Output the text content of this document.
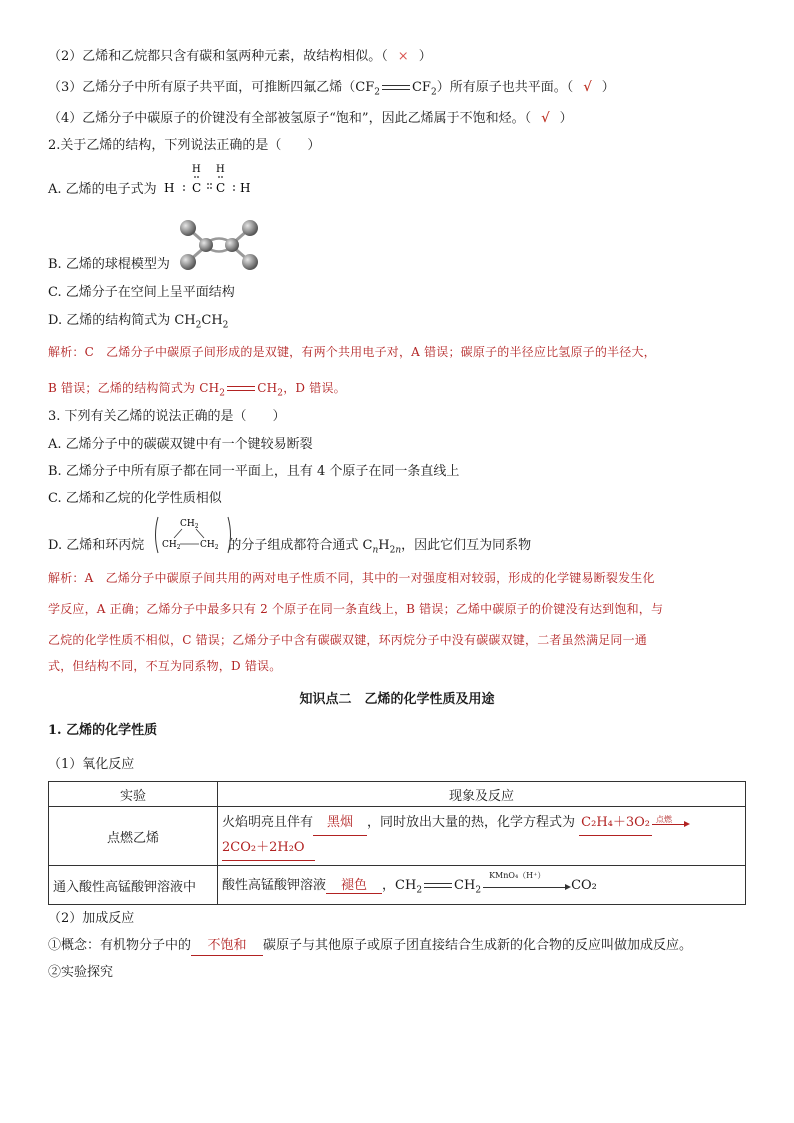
（2）乙烯和乙烷都只含有碳和氢两种元素，故结构相似。（ × ）
（3）乙烯分子中所有原子共平面，可推断四氟乙烯（$CF_2$ $CF_2$）所有原子也共平面。（ √ ）
（4）乙烯分子中碳原子的价键没有全部被氢原子“饱和”，因此乙烯属于不饱和烃。（ √ ）
2.关于乙烯的结构，下列说法正确的是（　　）
A. 乙烯的电子式为
H H
H C C H
B. 乙烯的球棍模型为
C. 乙烯分子在空间上呈平面结构
D. 乙烯的结构简式为 $CH_2CH_2$
解析：C　乙烯分子中碳原子间形成的是双键，有两个共用电子对，A 错误；碳原子的半径应比氢原子的半径大，
B 错误；乙烯的结构简式为 $CH_2$	$CH_2$，D 错误。
3. 下列有关乙烯的说法正确的是（　　）
A. 乙烯分子中的碳碳双键中有一个键较易断裂
B. 乙烯分子中所有原子都在同一平面上，且有 4 个原子在同一条直线上
C. 乙烯和乙烷的化学性质相似
D. 乙烯和环丙烷	的分子组成都符合通式 $C_nH_{2n}$，因此它们互为同系物
$CH_2$
$CH_2$ $CH_2$
解析：A　乙烯分子中碳原子间共用的两对电子性质不同，其中的一对强度相对较弱，形成的化学键易断裂发生化
学反应，A 正确；乙烯分子中最多只有 2 个原子在同一条直线上，B 错误；乙烯中碳原子的价键没有达到饱和，与
乙烷的化学性质不相似，C 错误；乙烯分子中含有碳碳双键，环丙烷分子中没有碳碳双键，二者虽然满足同一通
式，但结构不同，不互为同系物，D 错误。
知识点二　乙烯的化学性质及用途
1. 乙烯的化学性质
（1）氧化反应
实验	现象及反应
点燃乙烯	火焰明亮且伴有 黑烟 ，同时放出大量的热，化学方程式为 C₂H₄＋3O₂ 点燃

2CO₂＋2H₂O
通入酸性高锰酸钾溶液中	酸性高锰酸钾溶液 褪色 ，$CH_2$ $CH_2$
KMnO₄（H⁺）
CO₂
（2）加成反应
①概念：有机物分子中的 不饱和 碳原子与其他原子或原子团直接结合生成新的化合物的反应叫做加成反应。
②实验探究
